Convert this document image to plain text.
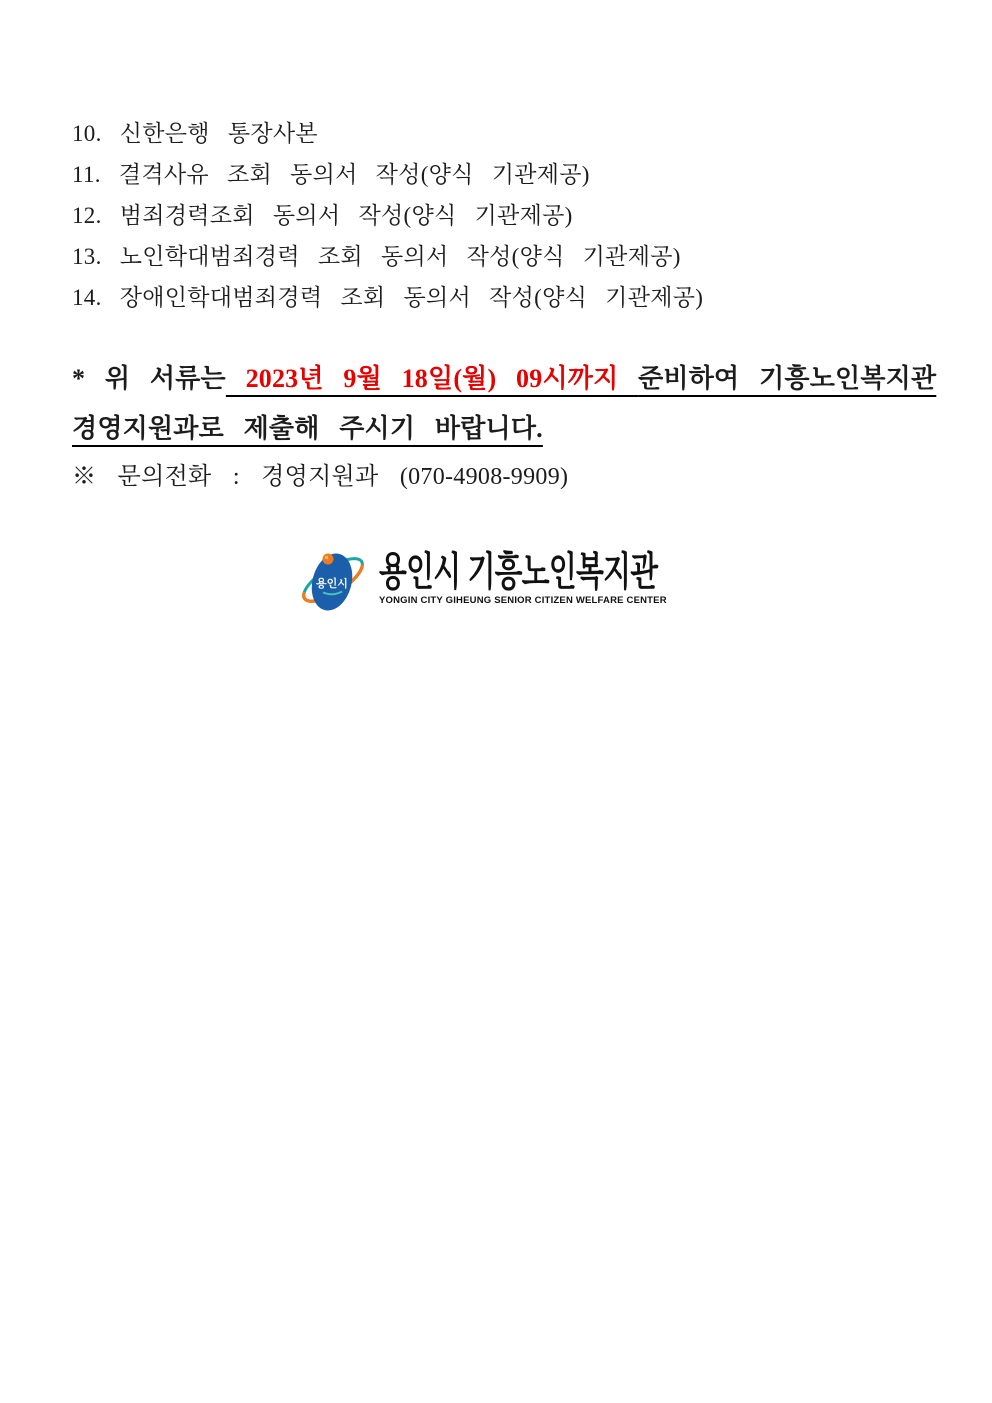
10. 신한은행 통장사본
11. 결격사유 조회 동의서 작성(양식 기관제공)
12. 범죄경력조회 동의서 작성(양식 기관제공)
13. 노인학대범죄경력 조회 동의서 작성(양식 기관제공)
14. 장애인학대범죄경력 조회 동의서 작성(양식 기관제공)

* 위 서류는 2023년 9월 18일(월) 09시까지 준비하여 기흥노인복지관
경영지원과로 제출해 주시기 바랍니다.

※ 문의전화 : 경영지원과 (070-4908-9909)
용인시 용인시 기흥노인복지관
YONGIN CITY GIHEUNG SENIOR CITIZEN WELFARE CENTER
